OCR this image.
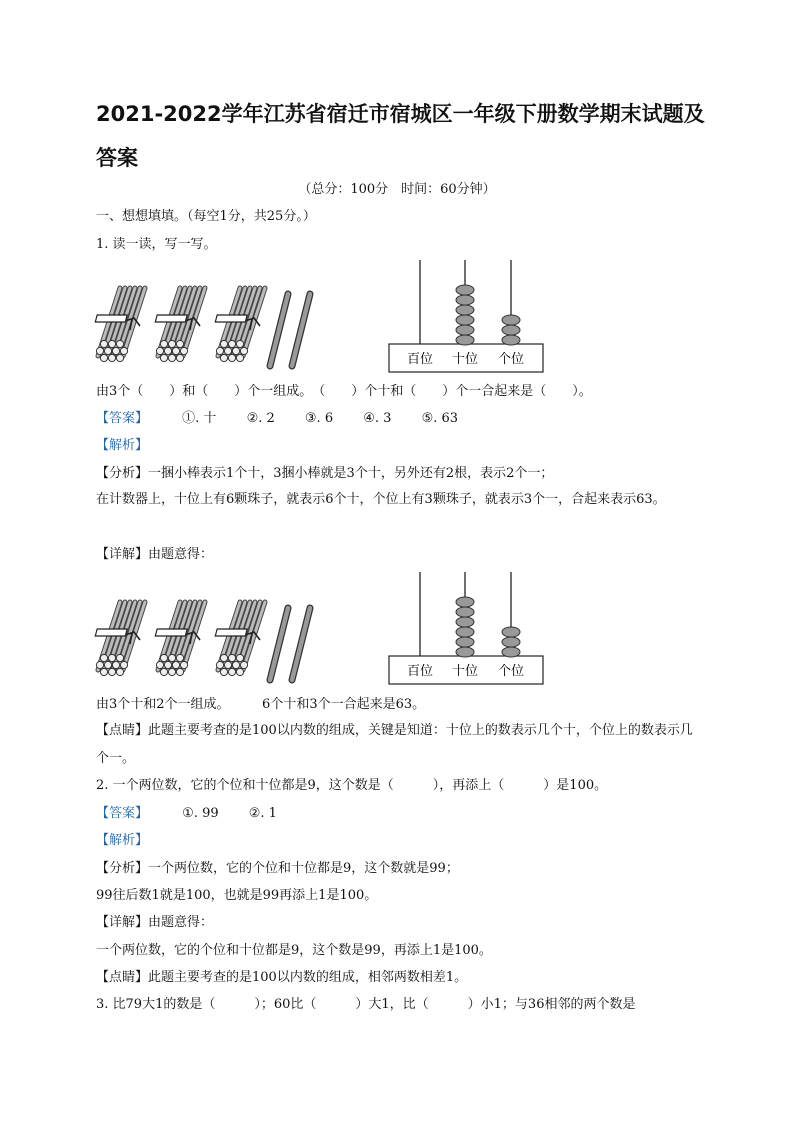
2021-2022学年江苏省宿迁市宿城区一年级下册数学期末试题及答案
（总分：100分　时间：60分钟）
一、想想填填。（每空1分，共25分。）
1. 读一读，写一写。
百位 十位 个位
由3个（　　）和（　　）个一组成。　（　　）个十和（　　）个一合起来是（　　）。
【答案】	①. 十 ②. 2 ③. 6 ④. 3 ⑤. 63
【解析】
【分析】一捆小棒表示1个十，3捆小棒就是3个十，另外还有2根，表示2个一；
在计数器上，十位上有6颗珠子，就表示6个十，个位上有3颗珠子，就表示3个一，合起来表示63。
【详解】由题意得：
百位 十位 个位
由3个十和2个一组成。　　　6个十和3个一合起来是63。
【点睛】此题主要考查的是100以内数的组成，关键是知道：十位上的数表示几个十，个位上的数表示几个一。
2. 一个两位数，它的个位和十位都是9，这个数是（　　　），再添上（　　　）是100。
【答案】	①. 99 ②. 1
【解析】
【分析】一个两位数，它的个位和十位都是9，这个数就是99；
99往后数1就是100，也就是99再添上1是100。
【详解】由题意得：
一个两位数，它的个位和十位都是9，这个数是99，再添上1是100。
【点睛】此题主要考查的是100以内数的组成，相邻两数相差1。
3. 比79大1的数是（　　　）；60比（　　　）大1，比（　　　）小1；与36相邻的两个数是
